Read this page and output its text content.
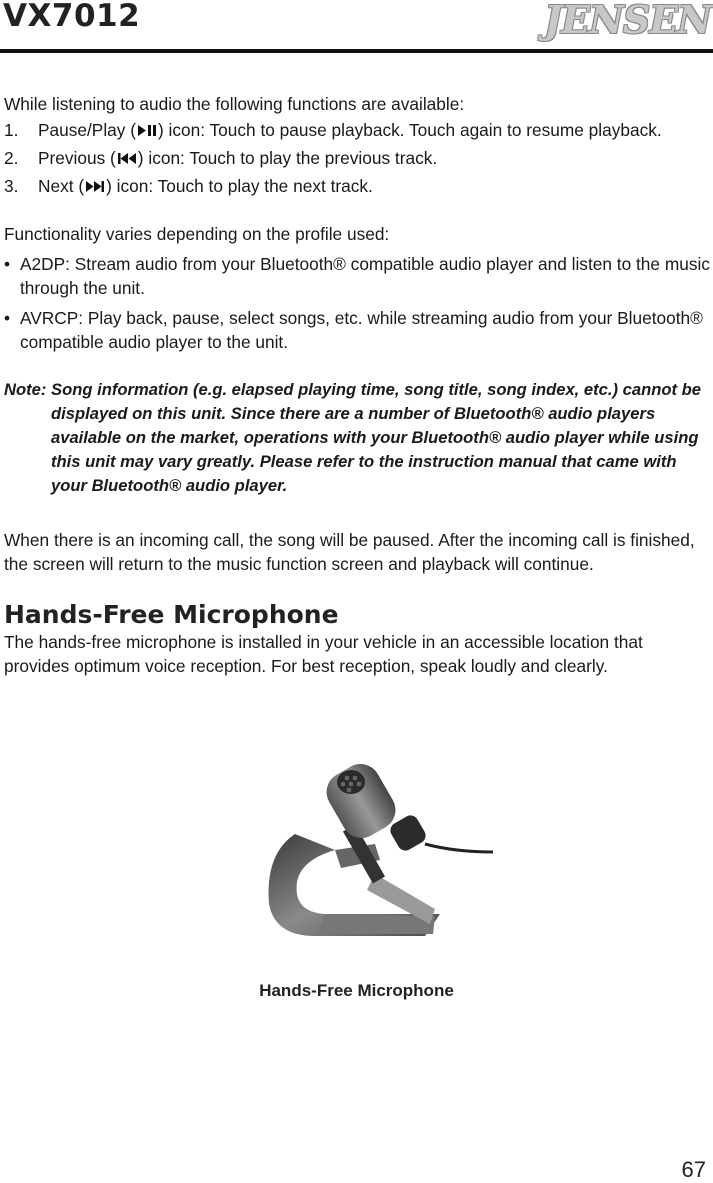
VX7012	JENSEN

While listening to audio the following functions are available:

1. Pause/Play ( ) icon: Touch to pause playback. Touch again to resume playback.
2. Previous ( ) icon: Touch to play the previous track.
3. Next ( ) icon: Touch to play the next track.

Functionality varies depending on the profile used:

• A2DP: Stream audio from your Bluetooth® compatible audio player and listen to the music through the unit.
• AVRCP: Play back, pause, select songs, etc. while streaming audio from your Bluetooth® compatible audio player to the unit.
Note: Song information (e.g. elapsed playing time, song title, song index, etc.) cannot be displayed on this unit. Since there are a number of Bluetooth® audio players available on the market, operations with your Bluetooth® audio player while using this unit may vary greatly. Please refer to the instruction manual that came with your Bluetooth® audio player.

When there is an incoming call, the song will be paused. After the incoming call is finished, the screen will return to the music function screen and playback will continue.

Hands-Free Microphone

The hands-free microphone is installed in your vehicle in an accessible location that provides optimum voice reception. For best reception, speak loudly and clearly.

Hands-Free Microphone
67
